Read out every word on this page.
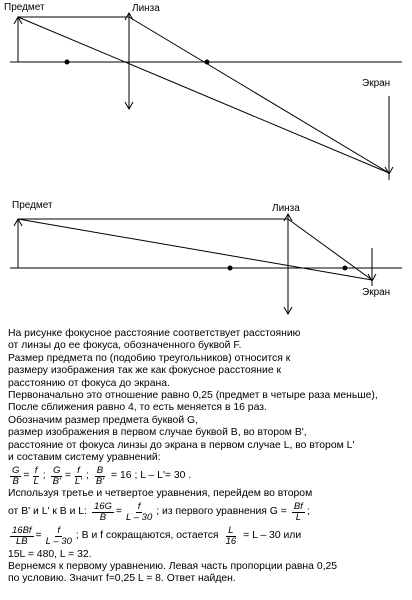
Предмет	Линза
Экран
Предмет	Линза
Экран
На рисунке фокусное расстояние соответствует расстоянию
от линзы до ее фокуса, обозначенного буквой F.
Размер предмета по (подобию треугольников) относится к
размеру изображения так же как фокусное расстояние к
расстоянию от фокуса до экрана.
Первоначально это отношение равно 0,25 (предмет в четыре раза меньше),
После сближения равно 4, то есть меняется в 16 раз.
Обозначим размер предмета буквой G,
размер изображения в первом случае буквой B, во втором B',
расстояние от фокуса линзы до экрана в первом случае L, во втором L'
и составим систему уравнений:
$\frac{G}{B} = \frac{f}{L}$ ; $\frac{G}{B'} = \frac{f}{L'}$ ; $\frac{B}{B'} = 16$ ; L – L'= 30 .
Используя третье и четвертое уравнения, перейдем во втором
от B' и L' к B и L: $\frac{16G}{B} = \frac{f}{L - 30}$ ; из первого уравнения $G = \frac{Bf}{L}$ ;
$\frac{16Bf}{LB} = \frac{f}{L - 30}$ ; B и f сокращаются, остается $\frac{L}{16} = L - 30$ или
15L = 480, L = 32.
Вернемся к первому уравнению. Левая часть пропорции равна 0,25
по условию. Значит f=0,25 L = 8. Ответ найден.
